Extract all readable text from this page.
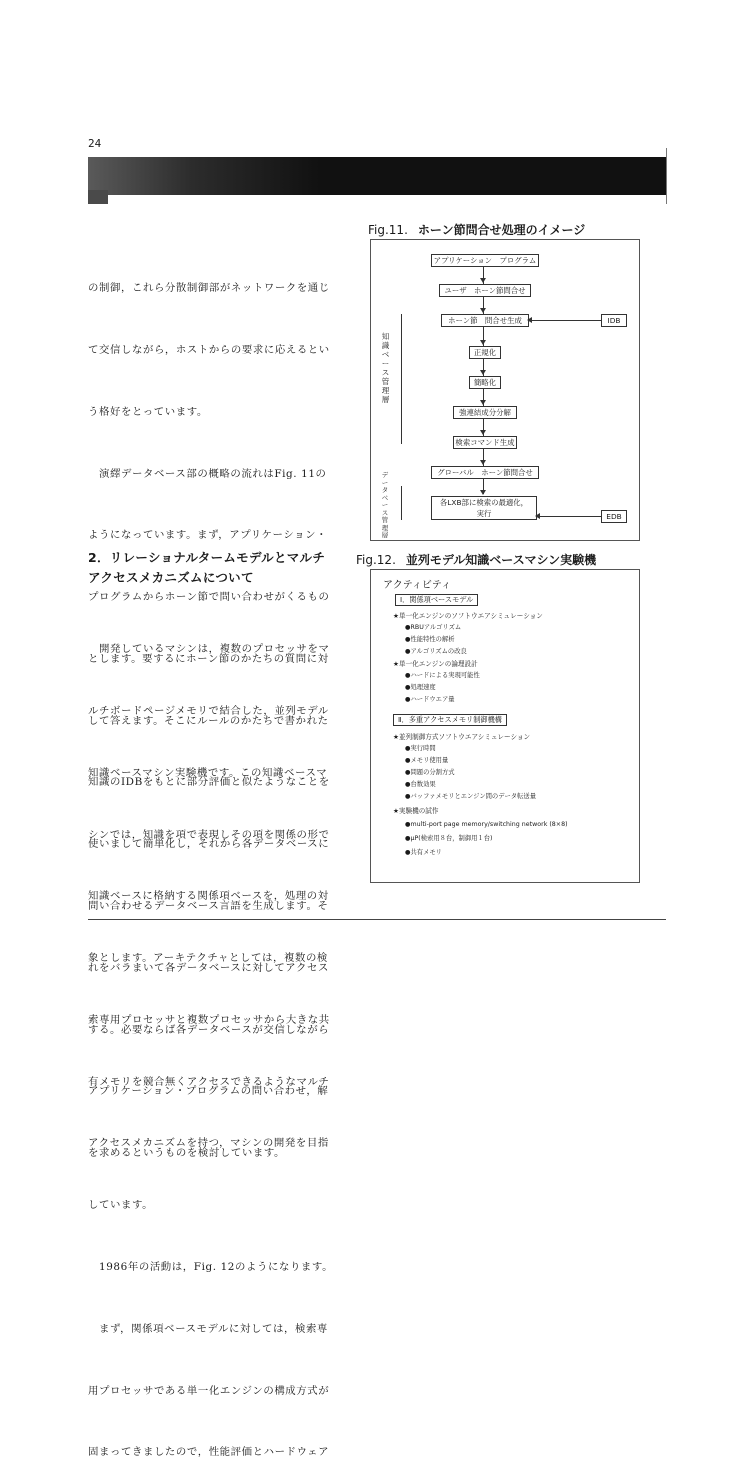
24

の制御，これら分散制御部がネットワークを通じ

て交信しながら，ホストからの要求に応えるとい

う格好をとっています。

　演繹データベース部の概略の流れはFig. 11の

ようになっています。まず，アプリケーション・

プログラムからホーン節で問い合わせがくるもの

とします。要するにホーン節のかたちの質問に対

して答えます。そこにルールのかたちで書かれた

知識のIDBをもとに部分評価と似たようなことを

使いまして簡単化し，それから各データベースに

問い合わせるデータベース言語を生成します。そ

れをバラまいて各データベースに対してアクセス

する。必要ならば各データベースが交信しながら

アプリケーション・プログラムの問い合わせ，解

を求めるというものを検討しています。

2．リレーショナルタームモデルとマルチ
アクセスメカニズムについて

　開発しているマシンは，複数のプロセッサをマ

ルチボードページメモリで結合した，並列モデル

知識ベースマシン実験機です。この知識ベースマ

シンでは，知識を項で表現しその項を関係の形で

知識ベースに格納する関係項ベースを，処理の対

象とします。アーキテクチャとしては，複数の検

索専用プロセッサと複数プロセッサから大きな共

有メモリを競合無くアクセスできるようなマルチ

アクセスメカニズムを持つ，マシンの開発を目指

しています。

　1986年の活動は，Fig. 12のようになります。

　まず，関係項ベースモデルに対しては，検索専

用プロセッサである単一化エンジンの構成方式が

固まってきましたので，性能評価とハードウェア

Fig.11. ホーン節問合せ処理のイメージ
アプリケーション　プログラム
ユーザ　ホーン節問合せ
ホーン節　問合せ生成	IDB
正規化
簡略化
強連結成分分解
検索コマンド生成
グローバル　ホーン節問合せ
各LXB部に検索の最適化，
実行	EDB
知
識
ベ
ー
ス
管
理
層
デ
ー
タ
ベ
ー
ス
管
理
層
Fig.12. 並列モデル知識ベースマシン実験機
アクティビティ
Ⅰ．関係項ベースモデル
★単一化エンジンのソフトウエアシミュレーション
●RBUアルゴリズム
●性能特性の解析
●アルゴリズムの改良
★単一化エンジンの論理設計
●ハードによる実現可能性
●処理速度
●ハードウエア量
Ⅱ．多重アクセスメモリ制御機構
★並列制御方式ソフトウエアシミュレーション
●実行時間
●メモリ使用量
●問題の分割方式
●台数効果
●バッファメモリとエンジン間のデータ転送量
★実験機の試作
●multi-port page memory/switching network (8×8)
●μP(検索用８台，制御用１台)
●共有メモリ
